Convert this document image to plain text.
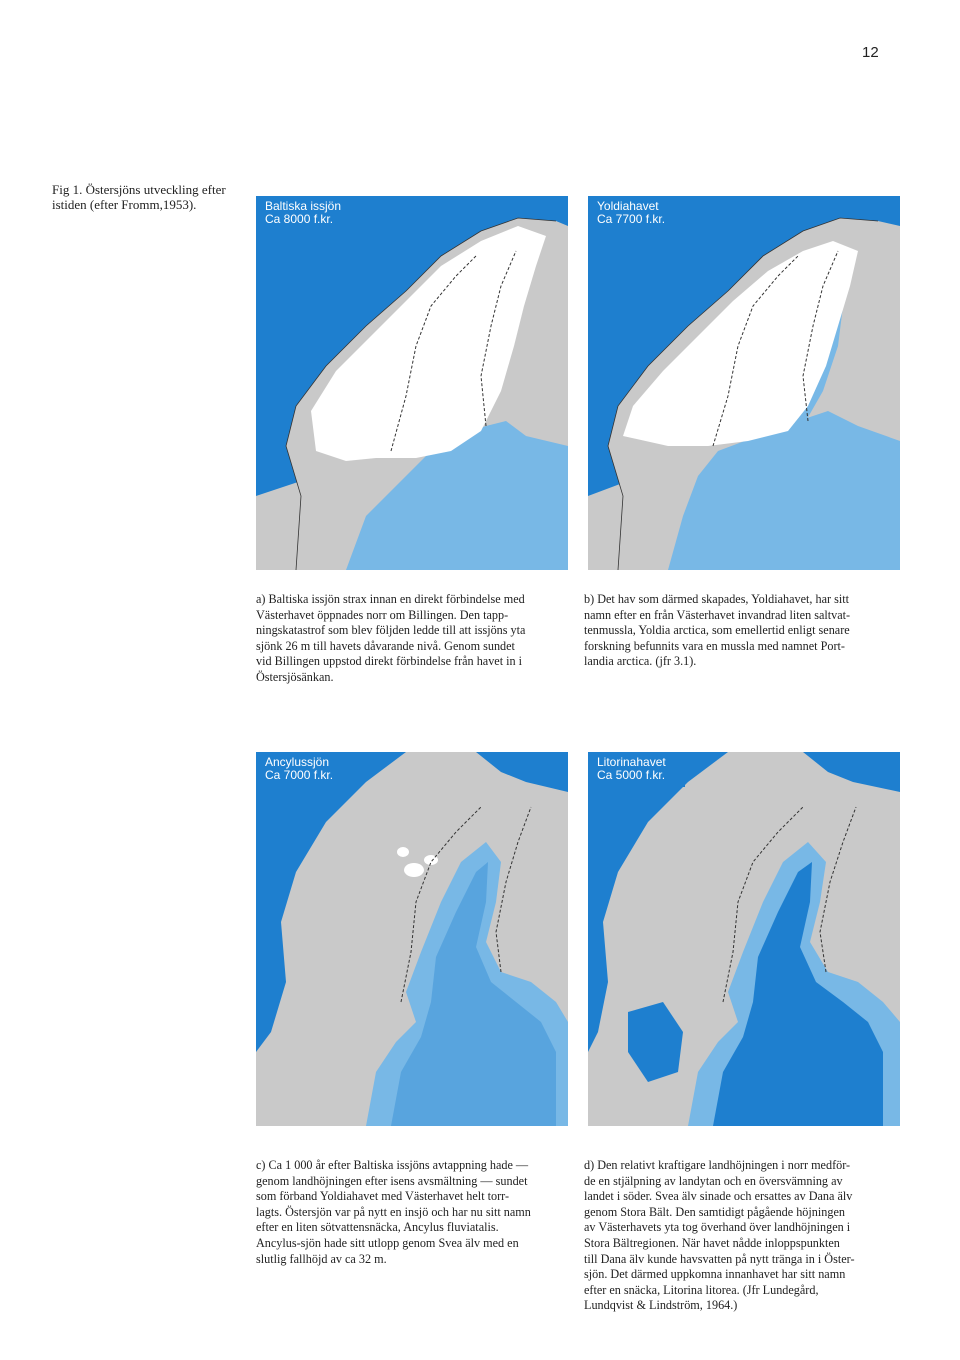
12
Fig 1. Östersjöns utveckling efter
istiden (efter Fromm,1953).	Baltiska issjön
Ca 8000 f.kr.
Yoldiahavet
Ca 7700 f.kr.
a) Baltiska issjön strax innan en direkt förbindelse med
Västerhavet öppnades norr om Billingen. Den tapp-
ningskatastrof som blev följden ledde till att issjöns yta
sjönk 26 m till havets dåvarande nivå. Genom sundet
vid Billingen uppstod direkt förbindelse från havet in i
Östersjösänkan.
b) Det hav som därmed skapades, Yoldiahavet, har sitt
namn efter en från Västerhavet invandrad liten saltvat-
tenmussla, Yoldia arctica, som emellertid enligt senare
forskning befunnits vara en mussla med namnet Port-
landia arctica. (jfr 3.1).
Ancylussjön
Ca 7000 f.kr.
Litorinahavet
Ca 5000 f.kr.
c) Ca 1 000 år efter Baltiska issjöns avtappning hade —
genom landhöjningen efter isens avsmältning — sundet
som förband Yoldiahavet med Västerhavet helt torr-
lagts. Östersjön var på nytt en insjö och har nu sitt namn
efter en liten sötvattensnäcka, Ancylus fluviatalis.
Ancylus-sjön hade sitt utlopp genom Svea älv med en
slutlig fallhöjd av ca 32 m.
d) Den relativt kraftigare landhöjningen i norr medför-
de en stjälpning av landytan och en översvämning av
landet i söder. Svea älv sinade och ersattes av Dana älv
genom Stora Bält. Den samtidigt pågående höjningen
av Västerhavets yta tog överhand över landhöjningen i
Stora Bältregionen. När havet nådde inloppspunkten
till Dana älv kunde havsvatten på nytt tränga in i Öster-
sjön. Det därmed uppkomna innanhavet har sitt namn
efter en snäcka, Litorina litorea. (Jfr Lundegård,
Lundqvist & Lindström, 1964.)
